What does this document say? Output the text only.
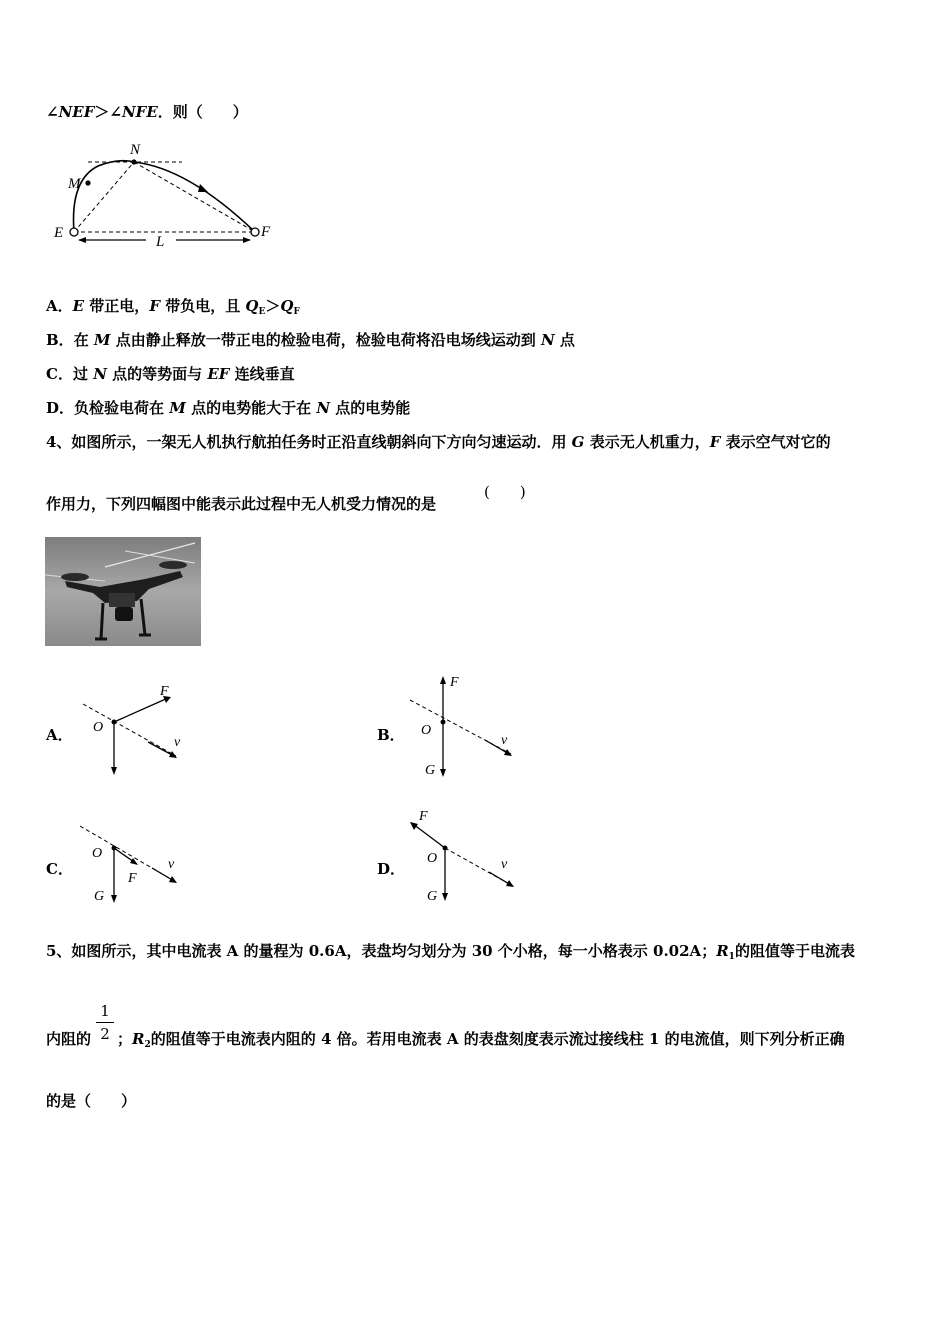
∠NEF＞∠NFE．则（　　）
N
M
E	F
L
A．E 带正电，F 带负电，且 $Q_E>Q_F$
B．在 M 点由静止释放一带正电的检验电荷，检验电荷将沿电场线运动到 N 点
C．过 N 点的等势面与 EF 连线垂直
D．负检验电荷在 M 点的电势能大于在 N 点的电势能
4、如图所示，一架无人机执行航拍任务时正沿直线朝斜向下方向匀速运动．用 G 表示无人机重力，F 表示空气对它的
作用力，下列四幅图中能表示此过程中无人机受力情况的是
(　　)
A． O
F
v	B．
F
O
v
G
C．
O
F
v
G
D．
F
O	v
G
5、如图所示，其中电流表 A 的量程为 0.6A，表盘均匀划分为 30 个小格，每一小格表示 0.02A；$R_1$的阻值等于电流表
1
2
内阻的 ；$R_2$的阻值等于电流表内阻的 4 倍。若用电流表 A 的表盘刻度表示流过接线柱 1 的电流值，则下列分析正确
的是（　　）
